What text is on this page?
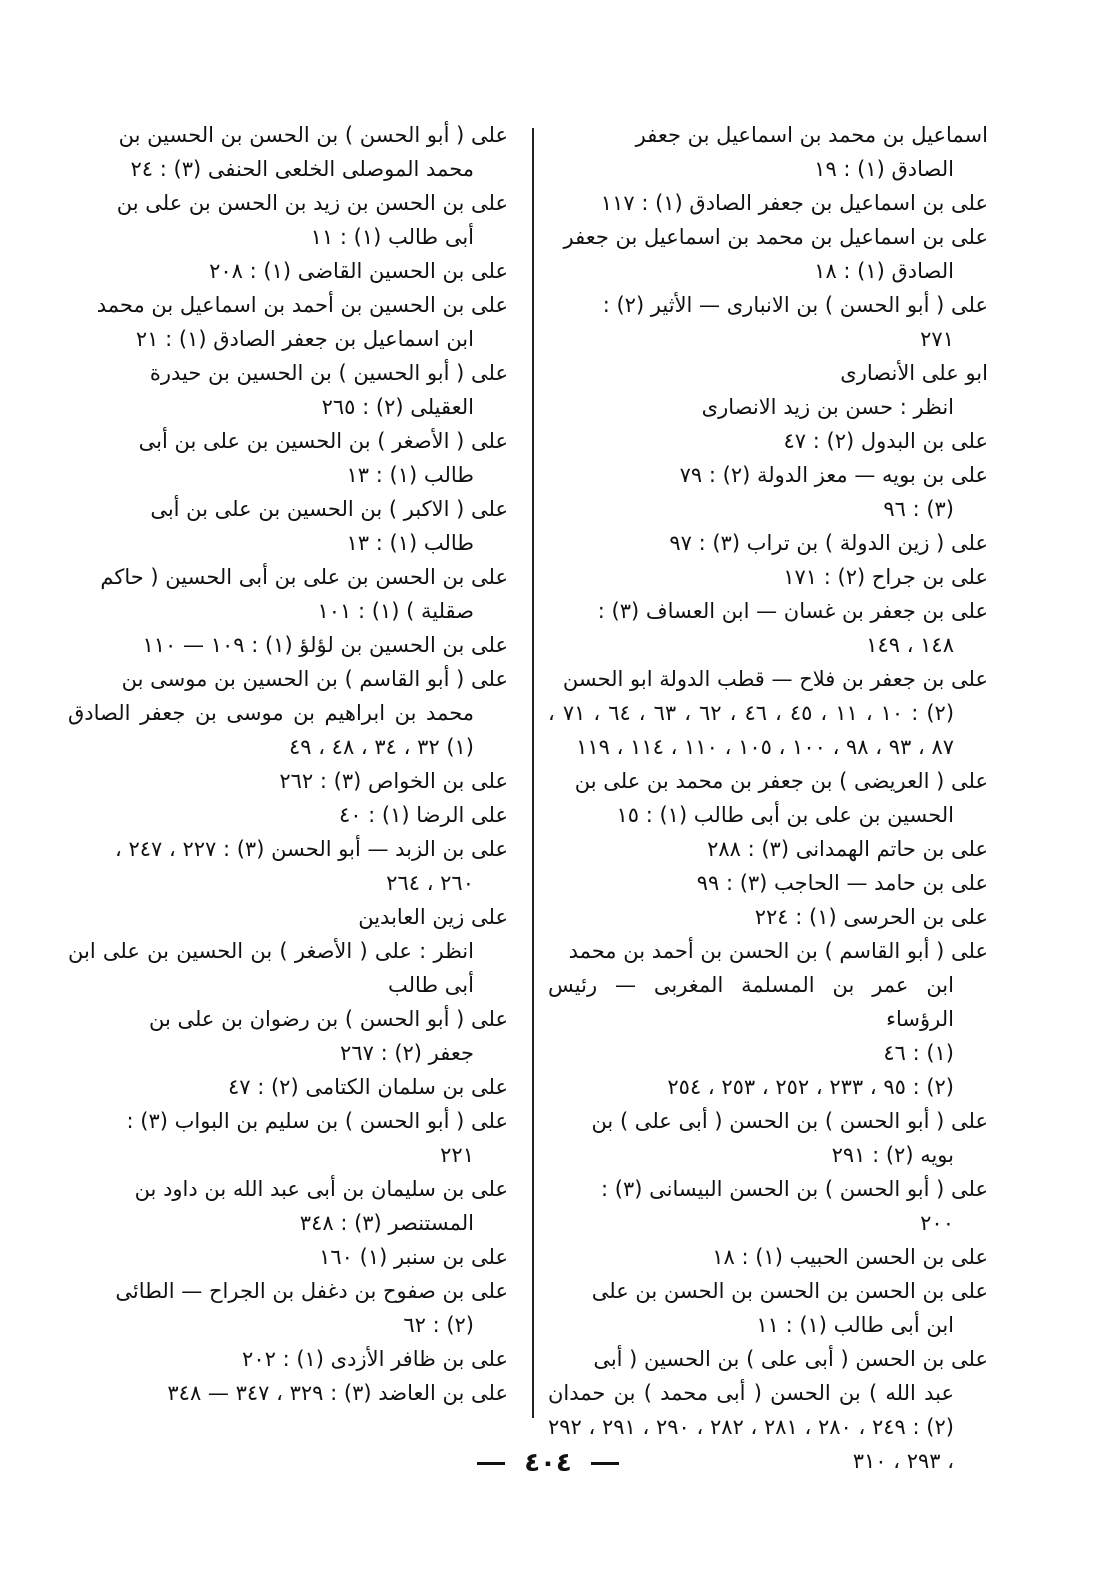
اسماعيل بن محمد بن اسماعيل بن جعفر
الصادق (١) : ١٩
على بن اسماعيل بن جعفر الصادق (١) : ١١٧
على بن اسماعيل بن محمد بن اسماعيل بن جعفر
الصادق (١) : ١٨
على ( أبو الحسن ) بن الانبارى — الأثير (٢) :
٢٧١
ابو على الأنصارى
انظر : حسن بن زيد الانصارى
على بن البدول (٢) : ٤٧
على بن بويه — معز الدولة (٢) : ٧٩
(٣) : ٩٦
على ( زين الدولة ) بن تراب (٣) : ٩٧
على بن جراح (٢) : ١٧١
على بن جعفر بن غسان — ابن العساف (٣) :
١٤٨ ، ١٤٩
على بن جعفر بن فلاح — قطب الدولة ابو الحسن
(٢) : ١٠ ، ١١ ، ٤٥ ، ٤٦ ، ٦٢ ، ٦٣ ، ٦٤ ، ٧١ ، ٨٧ ، ٩٣ ، ٩٨ ، ١٠٠ ، ١٠٥ ، ١١٠ ، ١١٤ ، ١١٩
على ( العريضى ) بن جعفر بن محمد بن على بن
الحسين بن على بن أبى طالب (١) : ١٥
على بن حاتم الهمدانى (٣) : ٢٨٨
على بن حامد — الحاجب (٣) : ٩٩
على بن الحرسى (١) : ٢٢٤
على ( أبو القاسم ) بن الحسن بن أحمد بن محمد
ابن عمر بن المسلمة المغربى — رئيس الرؤساء
(١) : ٤٦
(٢) : ٩٥ ، ٢٣٣ ، ٢٥٢ ، ٢٥٣ ، ٢٥٤
على ( أبو الحسن ) بن الحسن ( أبى على ) بن
بويه (٢) : ٢٩١
على ( أبو الحسن ) بن الحسن البيسانى (٣) :
٢٠٠
على بن الحسن الحبيب (١) : ١٨
على بن الحسن بن الحسن بن الحسن بن على
ابن أبى طالب (١) : ١١
على بن الحسن ( أبى على ) بن الحسين ( أبى
عبد الله ) بن الحسن ( أبى محمد ) بن حمدان (٢) : ٢٤٩ ، ٢٨٠ ، ٢٨١ ، ٢٨٢ ، ٢٩٠ ، ٢٩١ ، ٢٩٢ ، ٢٩٣ ، ٣١٠
على ( أبو الحسن ) بن الحسن بن الحسين بن
محمد الموصلى الخلعى الحنفى (٣) : ٢٤
على بن الحسن بن زيد بن الحسن بن على بن
أبى طالب (١) : ١١
على بن الحسين القاضى (١) : ٢٠٨
على بن الحسين بن أحمد بن اسماعيل بن محمد
ابن اسماعيل بن جعفر الصادق (١) : ٢١
على ( أبو الحسين ) بن الحسين بن حيدرة
العقيلى (٢) : ٢٦٥
على ( الأصغر ) بن الحسين بن على بن أبى
طالب (١) : ١٣
على ( الاكبر ) بن الحسين بن على بن أبى
طالب (١) : ١٣
على بن الحسن بن على بن أبى الحسين ( حاكم
صقلية ) (١) : ١٠١
على بن الحسين بن لؤلؤ (١) : ١٠٩ — ١١٠
على ( أبو القاسم ) بن الحسين بن موسى بن
محمد بن ابراهيم بن موسى بن جعفر الصادق (١) ٣٢ ، ٣٤ ، ٤٨ ، ٤٩
على بن الخواص (٣) : ٢٦٢
على الرضا (١) : ٤٠
على بن الزبد — أبو الحسن (٣) : ٢٢٧ ، ٢٤٧ ،
٢٦٠ ، ٢٦٤
على زين العابدين
انظر : على ( الأصغر ) بن الحسين بن على ابن أبى طالب
على ( أبو الحسن ) بن رضوان بن على بن
جعفر (٢) : ٢٦٧
على بن سلمان الكتامى (٢) : ٤٧
على ( أبو الحسن ) بن سليم بن البواب (٣) :
٢٢١
على بن سليمان بن أبى عبد الله بن داود بن
المستنصر (٣) : ٣٤٨
على بن سنبر (١) ١٦٠
على بن صفوح بن دغفل بن الجراح — الطائى
(٢) : ٦٢
على بن ظافر الأزدى (١) : ٢٠٢
على بن العاضد (٣) : ٣٢٩ ، ٣٤٧ — ٣٤٨
٤٠٤
